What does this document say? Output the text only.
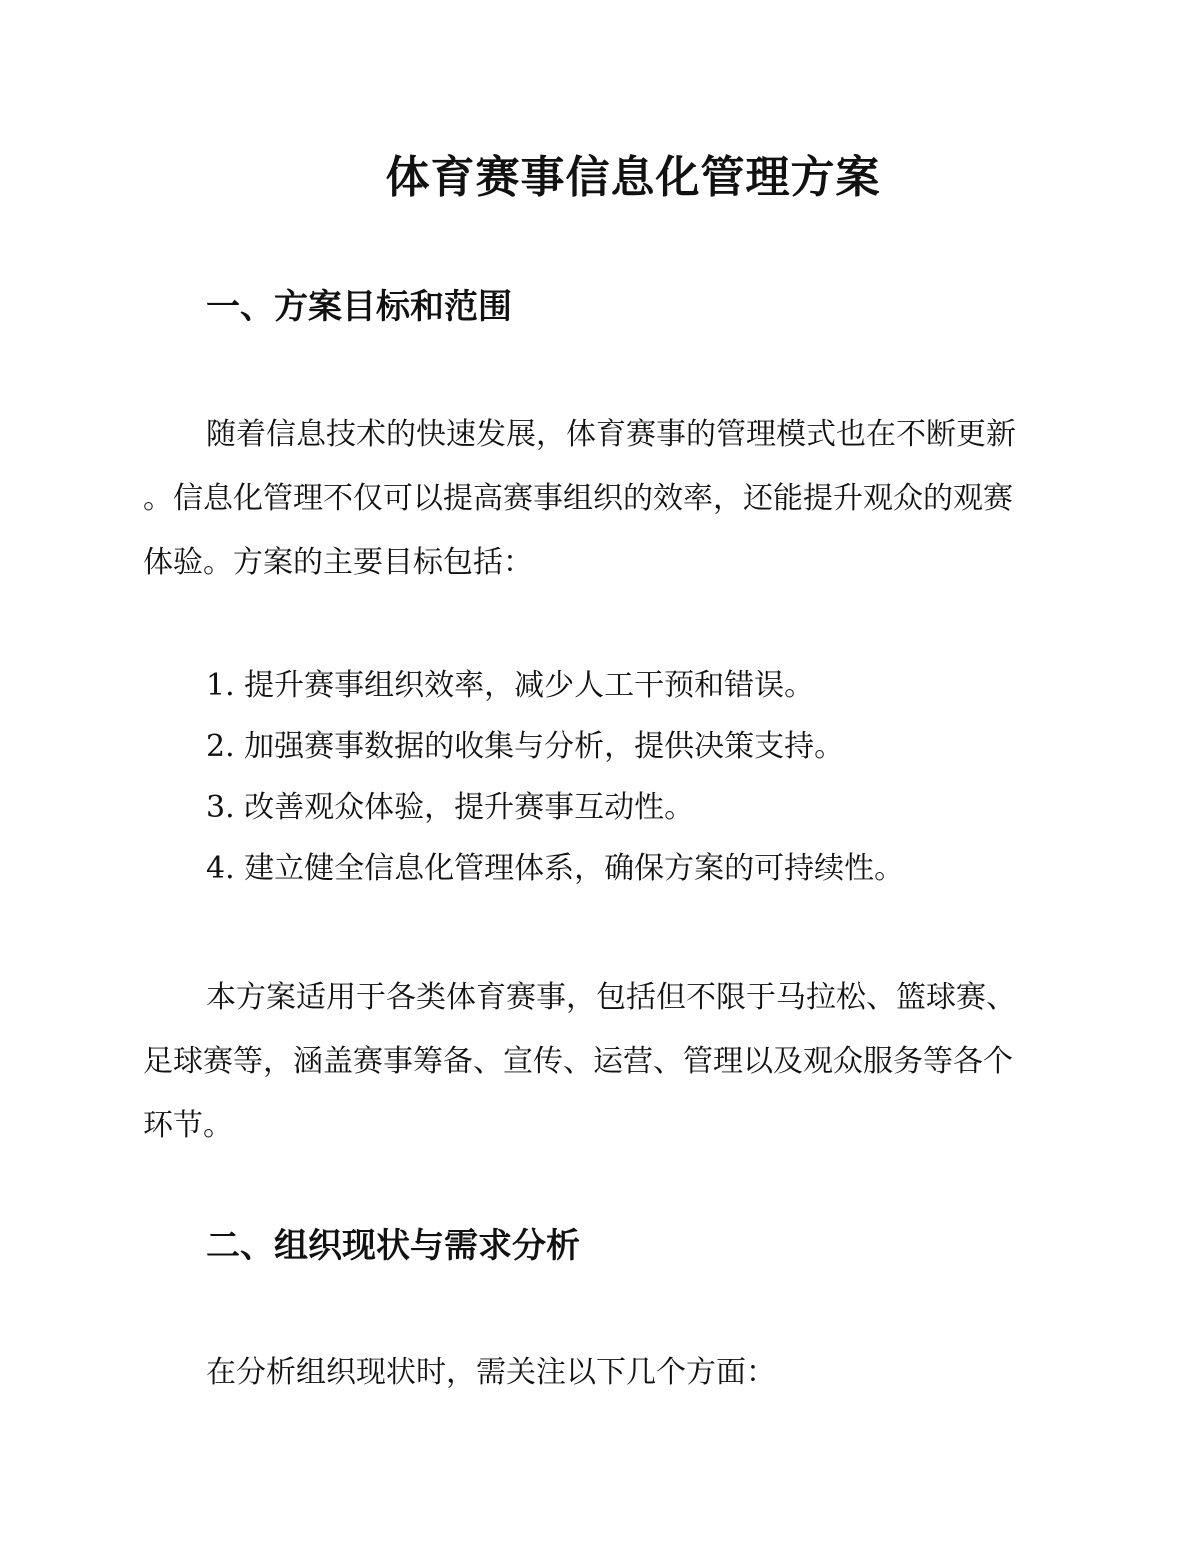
体育赛事信息化管理方案
一、方案目标和范围

随着信息技术的快速发展，体育赛事的管理模式也在不断更新
。信息化管理不仅可以提高赛事组织的效率，还能提升观众的观赛
体验。方案的主要目标包括：

1. 提升赛事组织效率，减少人工干预和错误。
2. 加强赛事数据的收集与分析，提供决策支持。
3. 改善观众体验，提升赛事互动性。
4. 建立健全信息化管理体系，确保方案的可持续性。

本方案适用于各类体育赛事，包括但不限于马拉松、篮球赛、
足球赛等，涵盖赛事筹备、宣传、运营、管理以及观众服务等各个
环节。

二、组织现状与需求分析

在分析组织现状时，需关注以下几个方面：
